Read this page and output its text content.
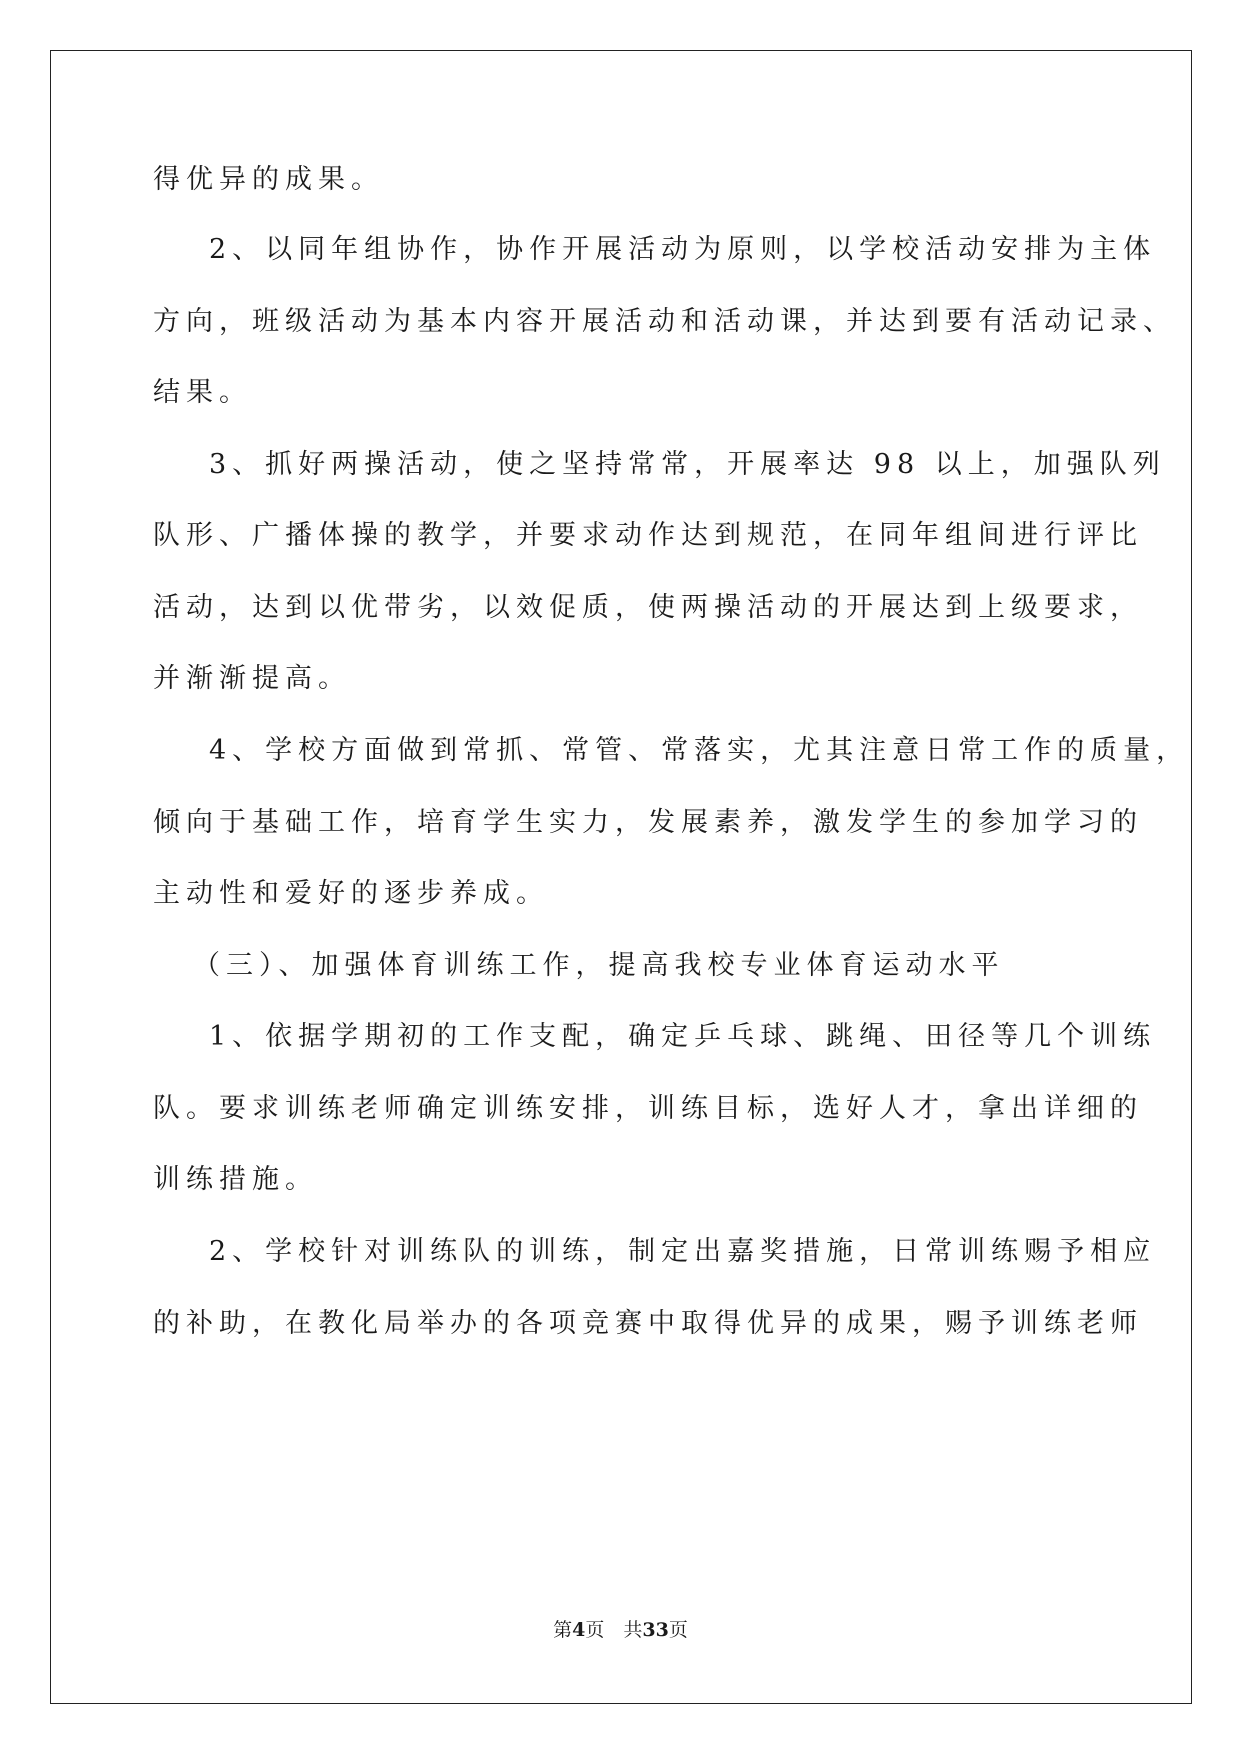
得优异的成果。
2、以同年组协作，协作开展活动为原则，以学校活动安排为主体
方向，班级活动为基本内容开展活动和活动课，并达到要有活动记录、
结果。
3、抓好两操活动，使之坚持常常，开展率达 98 以上，加强队列
队形、广播体操的教学，并要求动作达到规范，在同年组间进行评比
活动，达到以优带劣，以效促质，使两操活动的开展达到上级要求，
并渐渐提高。
4、学校方面做到常抓、常管、常落实，尤其注意日常工作的质量，
倾向于基础工作，培育学生实力，发展素养，激发学生的参加学习的
主动性和爱好的逐步养成。
（三）、加强体育训练工作，提高我校专业体育运动水平
1、依据学期初的工作支配，确定乒乓球、跳绳、田径等几个训练
队。要求训练老师确定训练安排，训练目标，选好人才，拿出详细的
训练措施。
2、学校针对训练队的训练，制定出嘉奖措施，日常训练赐予相应
的补助，在教化局举办的各项竞赛中取得优异的成果，赐予训练老师
第4页　共33页
